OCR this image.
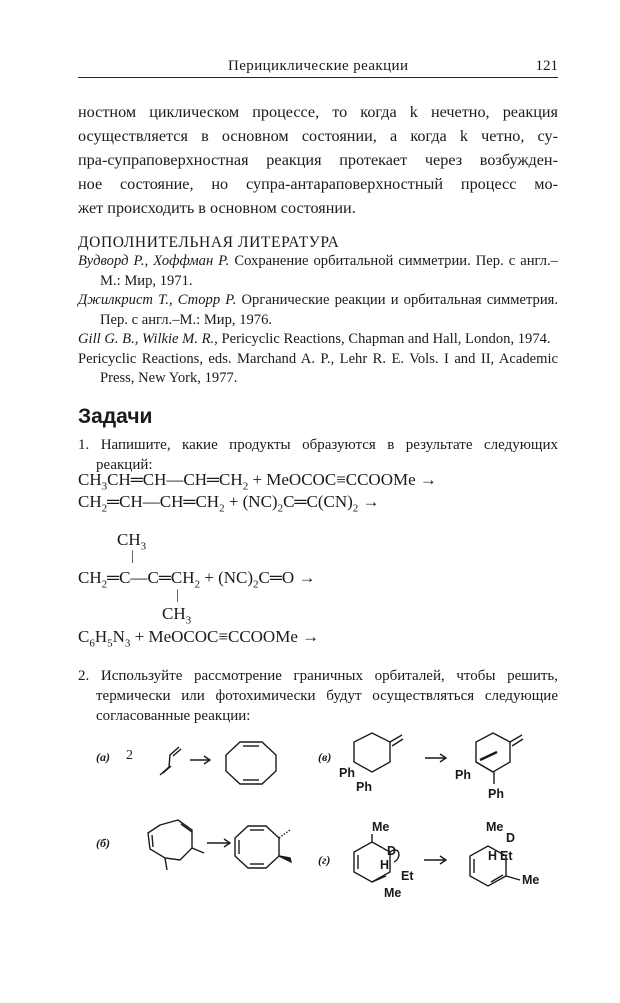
Перициклические реакции	121
ностном циклическом процессе, то когда k нечетно, реакция
осуществляется в основном состоянии, а когда k четно, су-
пра-супраповерхностная реакция протекает через возбужден-
ное состояние, но супра-антараповерхностный процесс мо-
жет происходить в основном состоянии.
ДОПОЛНИТЕЛЬНАЯ ЛИТЕРАТУРА
Вудворд Р., Хоффман Р. Сохранение орбитальной симметрии. Пер. с англ.–М.: Мир, 1971.
Джилкрист Т., Сторр Р. Органические реакции и орбитальная симметрия. Пер. с англ.–М.: Мир, 1976.
Gill G. B., Wilkie M. R., Pericyclic Reactions, Chapman and Hall, London, 1974.
Pericyclic Reactions, eds. Marchand A. P., Lehr R. E. Vols. I and II, Academic Press, New York, 1977.
Задачи
1. Напишите, какие продукты образуются в результате следующих реакций:
$CH_3CH═CH—CH═CH_2$ + MeOCOC≡CCOOMe →
$CH_2═CH—CH═CH_2$ + $(NC)_2C═C(CN)_2$ →
$CH_3$
|
$CH_2═C—C═CH_2$ + $(NC)_2C═O$ →
|
$CH_3$
$C_6H_5N_3$ + MeOCOC≡CCOOMe →
2. Используйте рассмотрение граничных орбиталей, чтобы решить, термически или фотохимически будут осуществляться следующие согласованные реакции:
(a) 2
(б)
(в)
(г)
Ph
Ph
Ph
Ph
Me
D
H
Et
Me
Me
D
H Et
Me
